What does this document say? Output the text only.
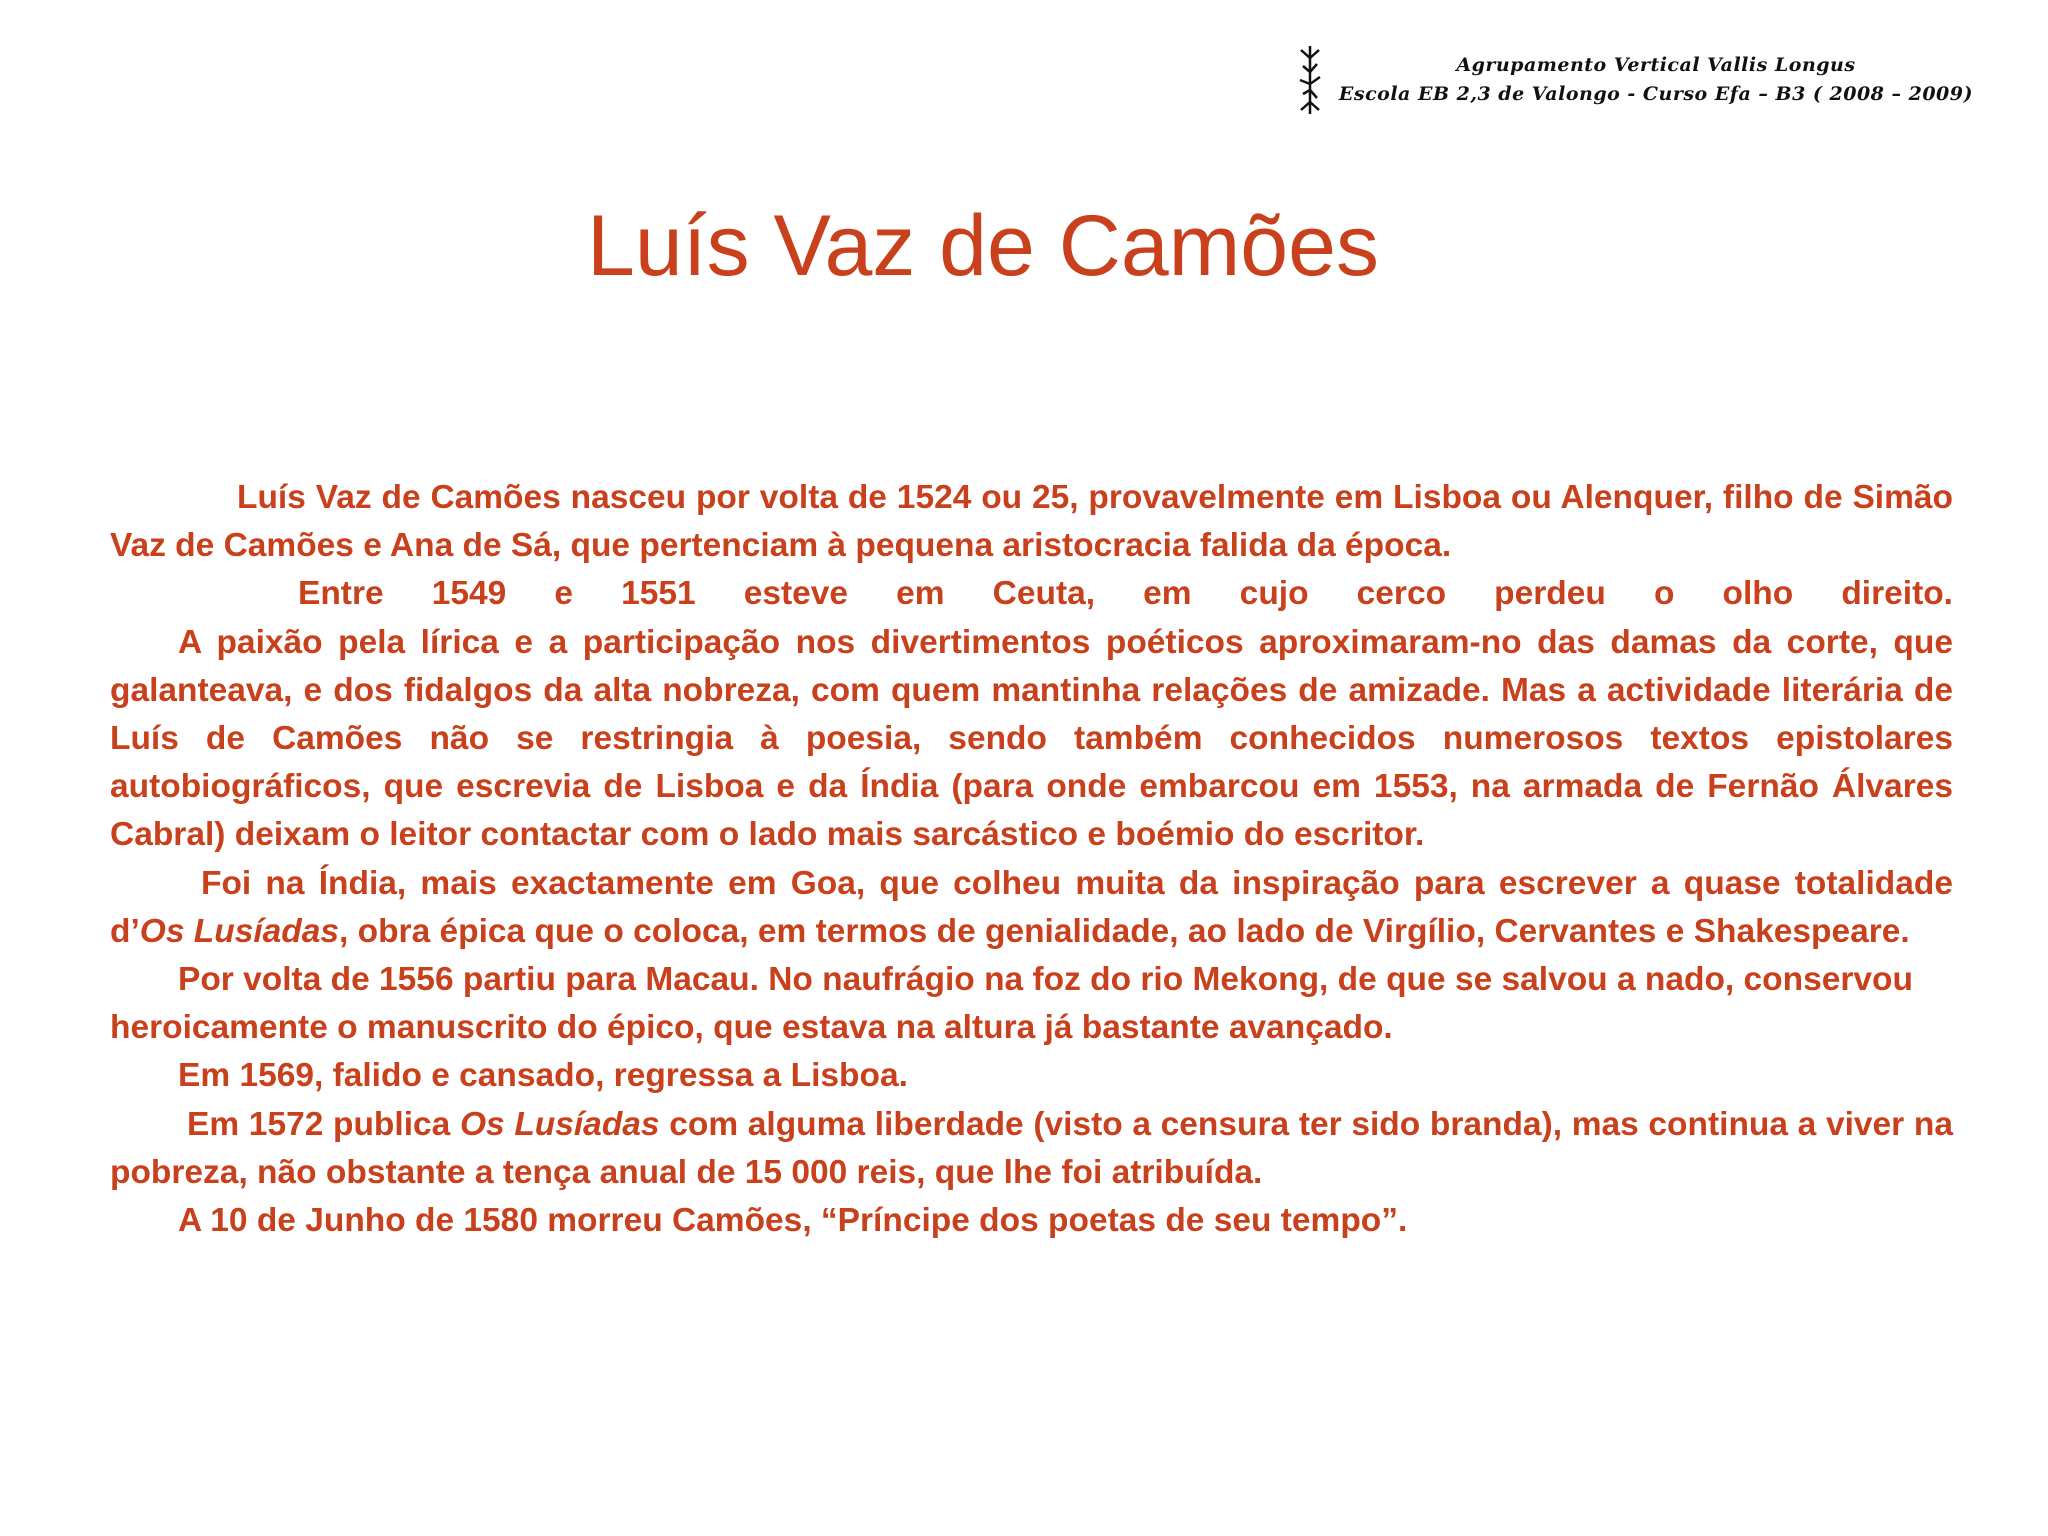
Agrupamento Vertical Vallis Longus
Escola EB 2,3 de Valongo - Curso Efa – B3 ( 2008 – 2009)
Luís Vaz de Camões

Luís Vaz de Camões nasceu por volta de 1524 ou 25, provavelmente em Lisboa ou Alenquer, filho de Simão Vaz de Camões e Ana de Sá, que pertenciam à pequena aristocracia falida da época.

Entre 1549 e 1551 esteve em Ceuta, em cujo cerco perdeu o olho direito.

A paixão pela lírica e a participação nos divertimentos poéticos aproximaram-no das damas da corte, que galanteava, e dos fidalgos da alta nobreza, com quem mantinha relações de amizade. Mas a actividade literária de Luís de Camões não se restringia à poesia, sendo também conhecidos numerosos textos epistolares autobiográficos, que escrevia de Lisboa e da Índia (para onde embarcou em 1553, na armada de Fernão Álvares Cabral) deixam o leitor contactar com o lado mais sarcástico e boémio do escritor.

Foi na Índia, mais exactamente em Goa, que colheu muita da inspiração para escrever a quase totalidade d’Os Lusíadas, obra épica que o coloca, em termos de genialidade, ao lado de Virgílio, Cervantes e Shakespeare.

Por volta de 1556 partiu para Macau. No naufrágio na foz do rio Mekong, de que se salvou a nado, conservou heroicamente o manuscrito do épico, que estava na altura já bastante avançado.

Em 1569, falido e cansado, regressa a Lisboa.

Em 1572 publica Os Lusíadas com alguma liberdade (visto a censura ter sido branda), mas continua a viver na pobreza, não obstante a tença anual de 15 000 reis, que lhe foi atribuída.

A 10 de Junho de 1580 morreu Camões, “Príncipe dos poetas de seu tempo”.
